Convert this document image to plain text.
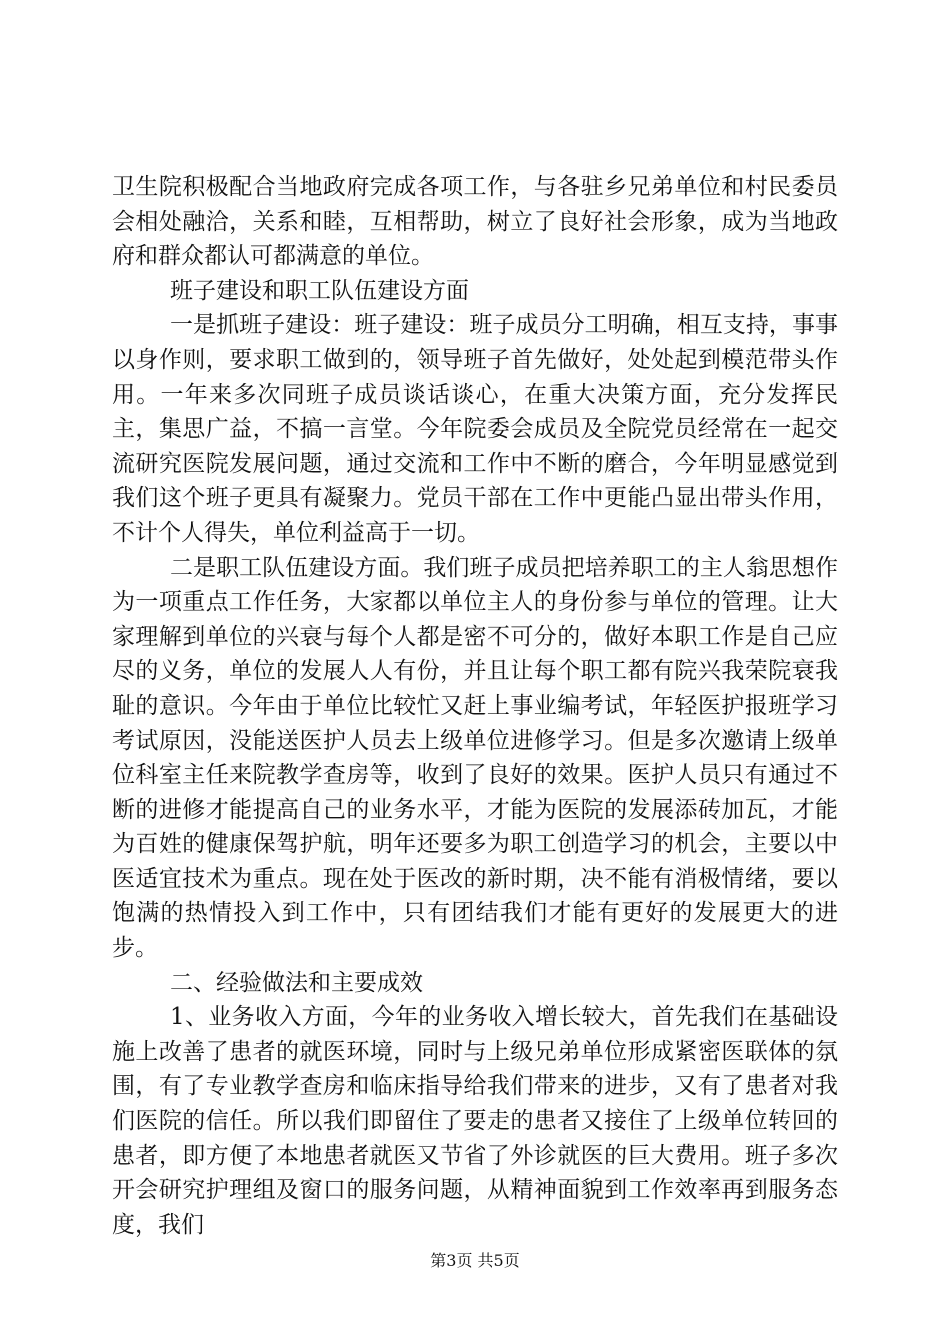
卫生院积极配合当地政府完成各项工作，与各驻乡兄弟单位和村民委员会相处融洽，关系和睦，互相帮助，树立了良好社会形象，成为当地政府和群众都认可都满意的单位。

班子建设和职工队伍建设方面

一是抓班子建设：班子建设：班子成员分工明确，相互支持，事事以身作则，要求职工做到的，领导班子首先做好，处处起到模范带头作用。一年来多次同班子成员谈话谈心，在重大决策方面，充分发挥民主，集思广益，不搞一言堂。今年院委会成员及全院党员经常在一起交流研究医院发展问题，通过交流和工作中不断的磨合，今年明显感觉到我们这个班子更具有凝聚力。党员干部在工作中更能凸显出带头作用，不计个人得失，单位利益高于一切。

二是职工队伍建设方面。我们班子成员把培养职工的主人翁思想作为一项重点工作任务，大家都以单位主人的身份参与单位的管理。让大家理解到单位的兴衰与每个人都是密不可分的，做好本职工作是自己应尽的义务，单位的发展人人有份，并且让每个职工都有院兴我荣院衰我耻的意识。今年由于单位比较忙又赶上事业编考试，年轻医护报班学习考试原因，没能送医护人员去上级单位进修学习。但是多次邀请上级单位科室主任来院教学查房等，收到了良好的效果。医护人员只有通过不断的进修才能提高自己的业务水平，才能为医院的发展添砖加瓦，才能为百姓的健康保驾护航，明年还要多为职工创造学习的机会，主要以中医适宜技术为重点。现在处于医改的新时期，决不能有消极情绪，要以饱满的热情投入到工作中，只有团结我们才能有更好的发展更大的进步。

二、经验做法和主要成效

1、业务收入方面，今年的业务收入增长较大，首先我们在基础设施上改善了患者的就医环境，同时与上级兄弟单位形成紧密医联体的氛围，有了专业教学查房和临床指导给我们带来的进步，又有了患者对我们医院的信任。所以我们即留住了要走的患者又接住了上级单位转回的患者，即方便了本地患者就医又节省了外诊就医的巨大费用。班子多次开会研究护理组及窗口的服务问题，从精神面貌到工作效率再到服务态度，我们

第3页 共5页
